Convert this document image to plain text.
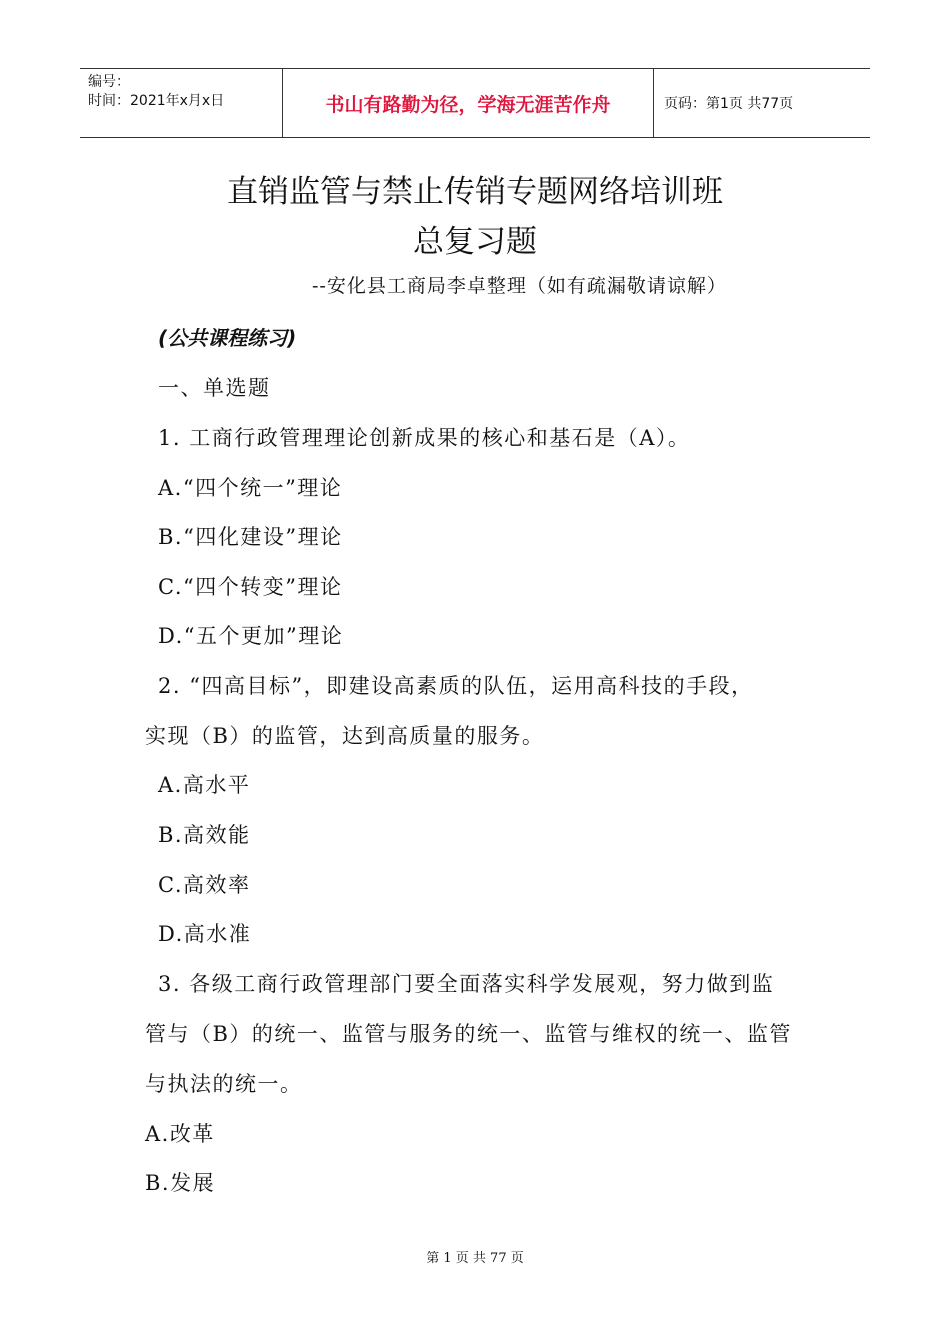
编号：
时间：2021年x月x日	书山有路勤为径，学海无涯苦作舟	页码：第1页 共77页
直销监管与禁止传销专题网络培训班
总复习题
--安化县工商局李卓整理（如有疏漏敬请谅解）
(公共课程练习)
一、单选题
1. 工商行政管理理论创新成果的核心和基石是（A）。
A.“四个统一”理论
B.“四化建设”理论
C.“四个转变”理论
D.“五个更加”理论
2. “四高目标”，即建设高素质的队伍，运用高科技的手段，
实现（B）的监管，达到高质量的服务。
A.高水平
B.高效能
C.高效率
D.高水准
3. 各级工商行政管理部门要全面落实科学发展观，努力做到监
管与（B）的统一、监管与服务的统一、监管与维权的统一、监管
与执法的统一。
A.改革
B.发展
第 1 页 共 77 页
